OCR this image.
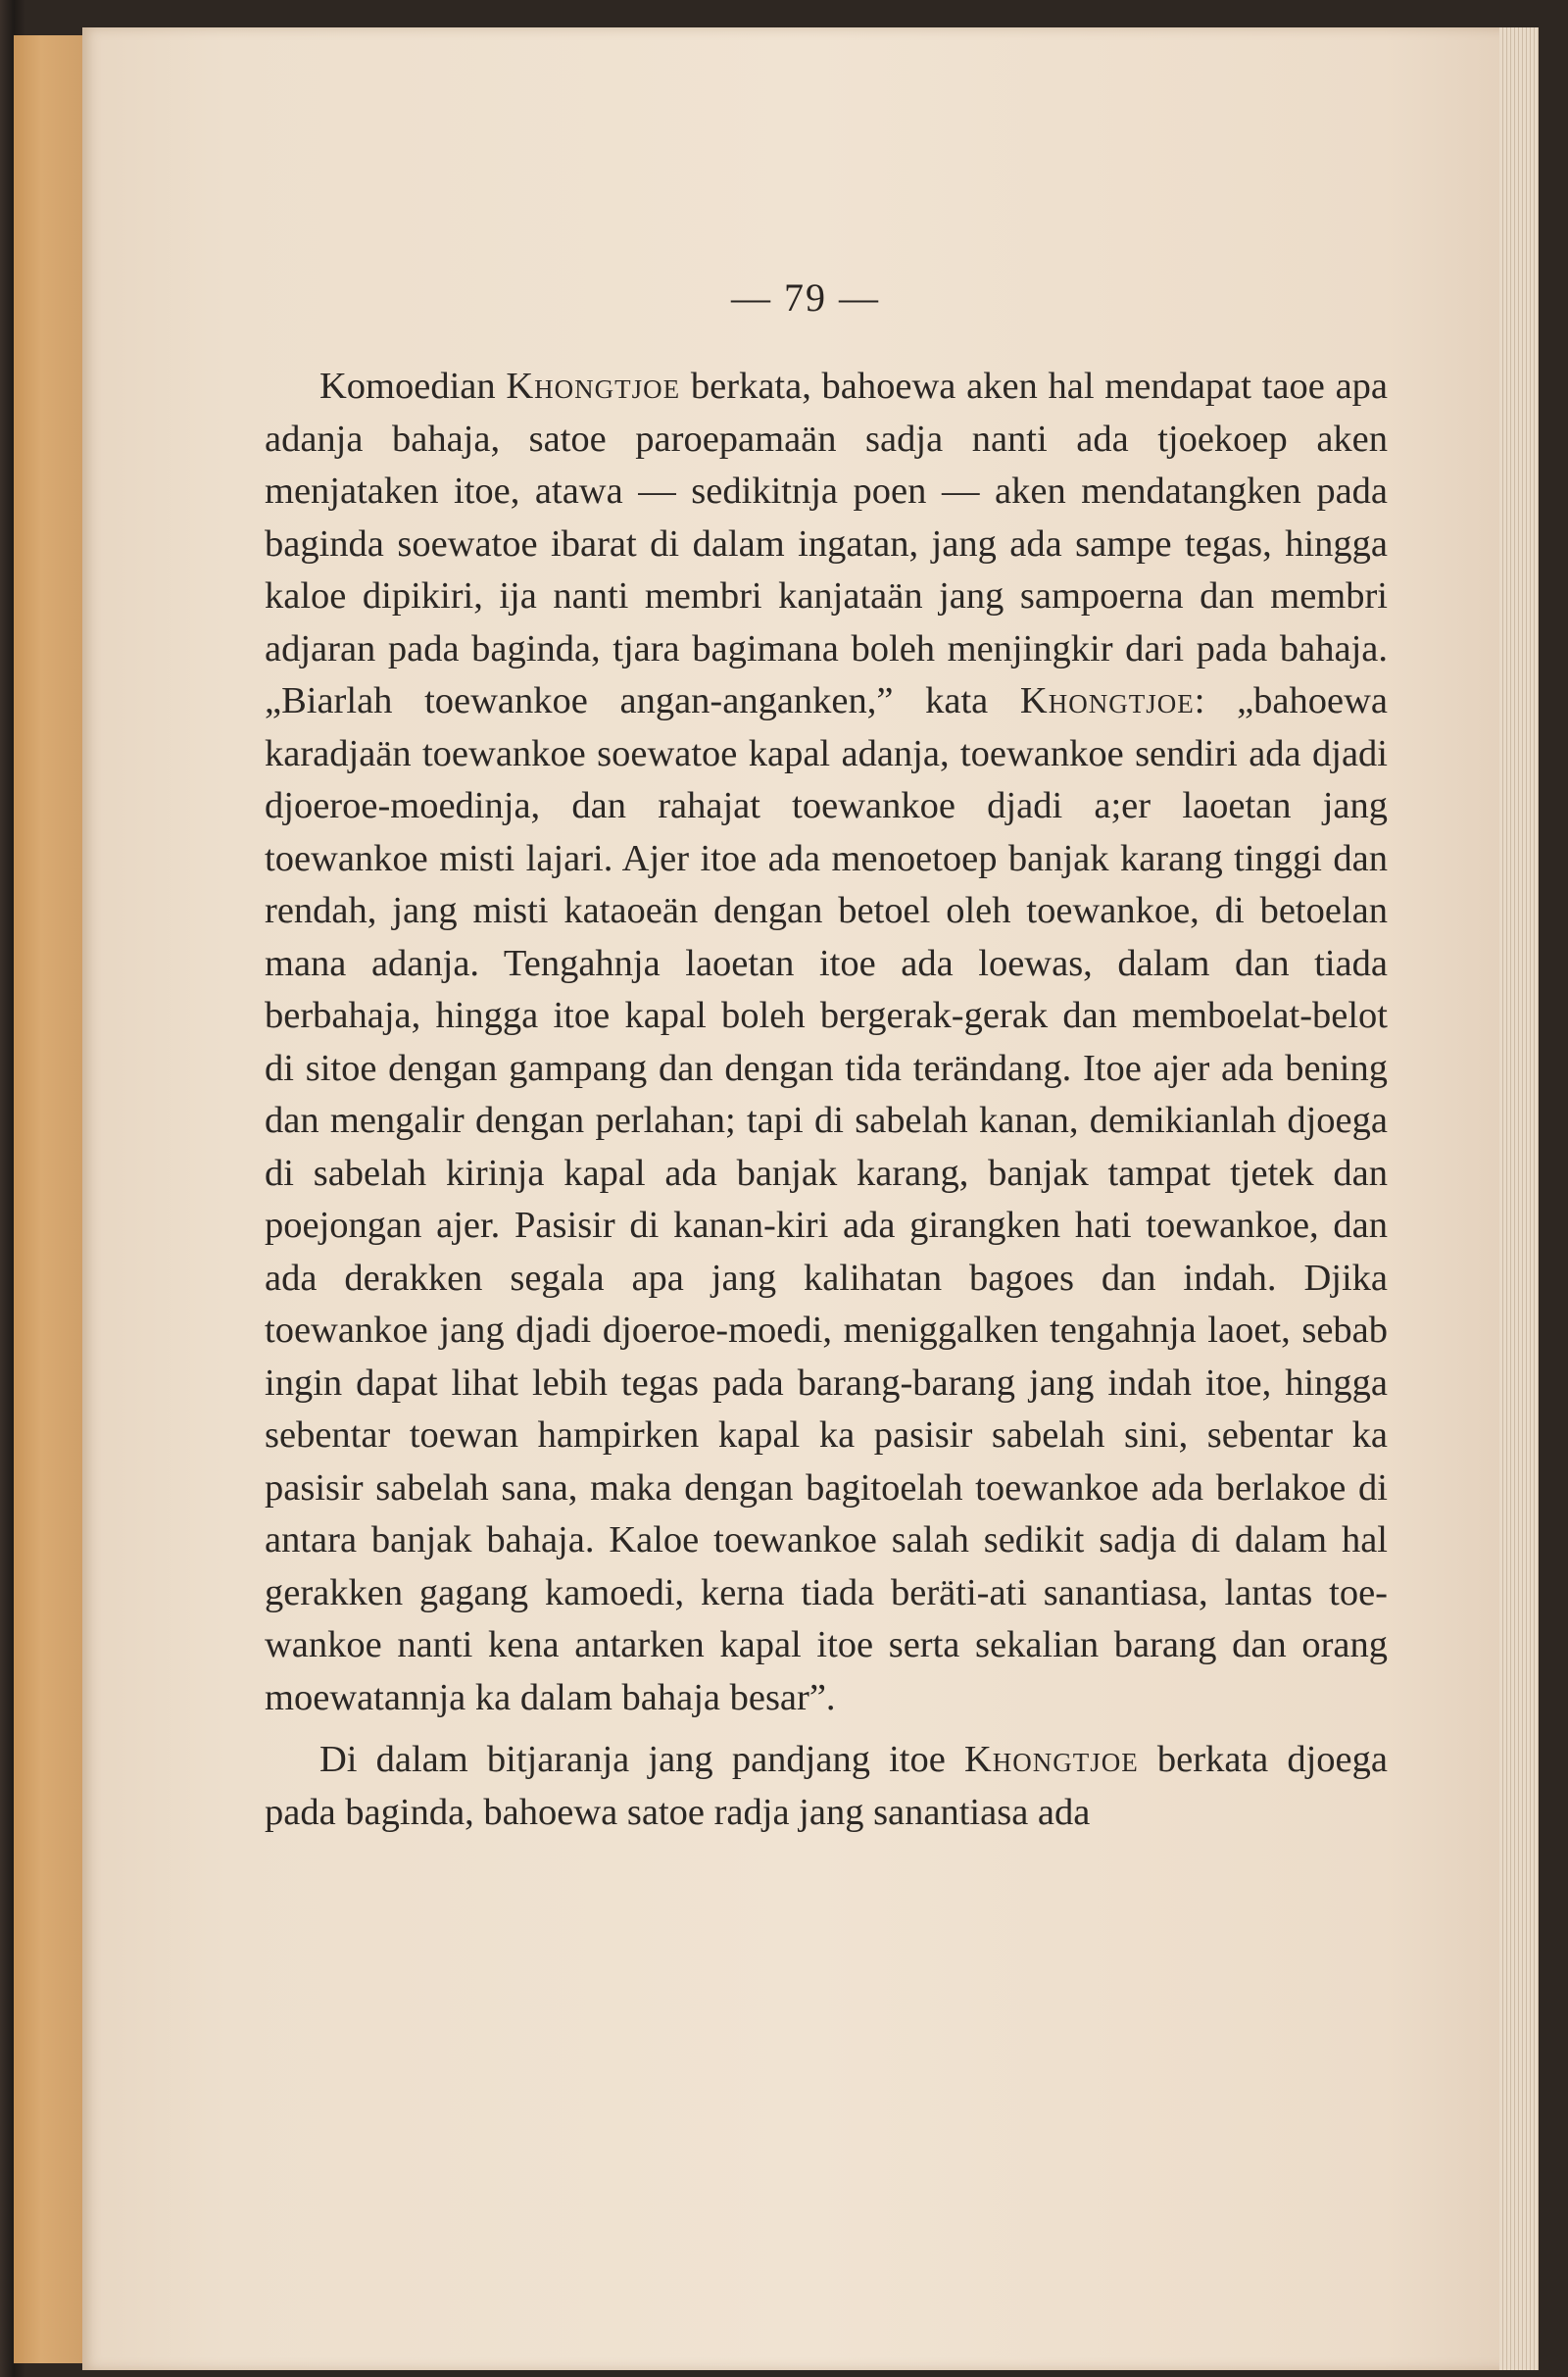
— 79 —

Komoedian Khongtjoe berkata, bahoewa aken hal mendapat taoe apa adanja bahaja, satoe paroepamaän sadja nanti ada tjoekoep aken menjataken itoe, atawa — sedikitnja poen — aken mendatangken pada baginda soewatoe ibarat di dalam ingatan, jang ada sampe tegas, hingga kaloe dipikiri, ija nanti membri kanjataän jang sampoerna dan membri adjaran pada baginda, tjara bagimana boleh menjingkir dari pada bahaja. „Biarlah toewankoe angan-anganken,” kata Khongtjoe: „bahoewa karadjaän toewankoe soewatoe kapal adanja, toewankoe sendiri ada djadi djoeroe-moedinja, dan rahajat toewankoe djadi a;er laoetan jang toewankoe misti lajari. Ajer itoe ada menoetoep banjak karang tinggi dan rendah, jang misti kataoeän dengan betoel oleh toewankoe, di betoelan mana adanja. Tengahnja laoetan itoe ada loewas, dalam dan tiada berbahaja, hingga itoe kapal boleh bergerak-gerak dan memboelat-belot di sitoe dengan gampang dan dengan tida terändang. Itoe ajer ada bening dan mengalir dengan perlahan; tapi di sabelah kanan, demikianlah djoega di sabelah kirinja kapal ada banjak karang, banjak tampat tjetek dan poejongan ajer. Pasisir di kanan-kiri ada girangken hati toewankoe, dan ada derakken segala apa jang kalihatan bagoes dan indah. Djika toewankoe jang djadi djoeroe-moedi, meniggalken tengahnja laoet, sebab ingin dapat lihat lebih tegas pada barang-barang jang indah itoe, hingga sebentar toewan hampirken kapal ka pasisir sabelah sini, sebentar ka pasisir sabelah sana, maka dengan bagitoelah toewankoe ada berlakoe di antara banjak bahaja. Kaloe toewankoe salah sedikit sadja di dalam hal gerakken gagang kamoedi, kerna tiada beräti-ati sanantiasa, lantas toewankoe nanti kena antarken kapal itoe serta sekalian barang dan orang moewatannja ka dalam bahaja besar”.

Di dalam bitjaranja jang pandjang itoe Khongtjoe berkata djoega pada baginda, bahoewa satoe radja jang sanantiasa ada
